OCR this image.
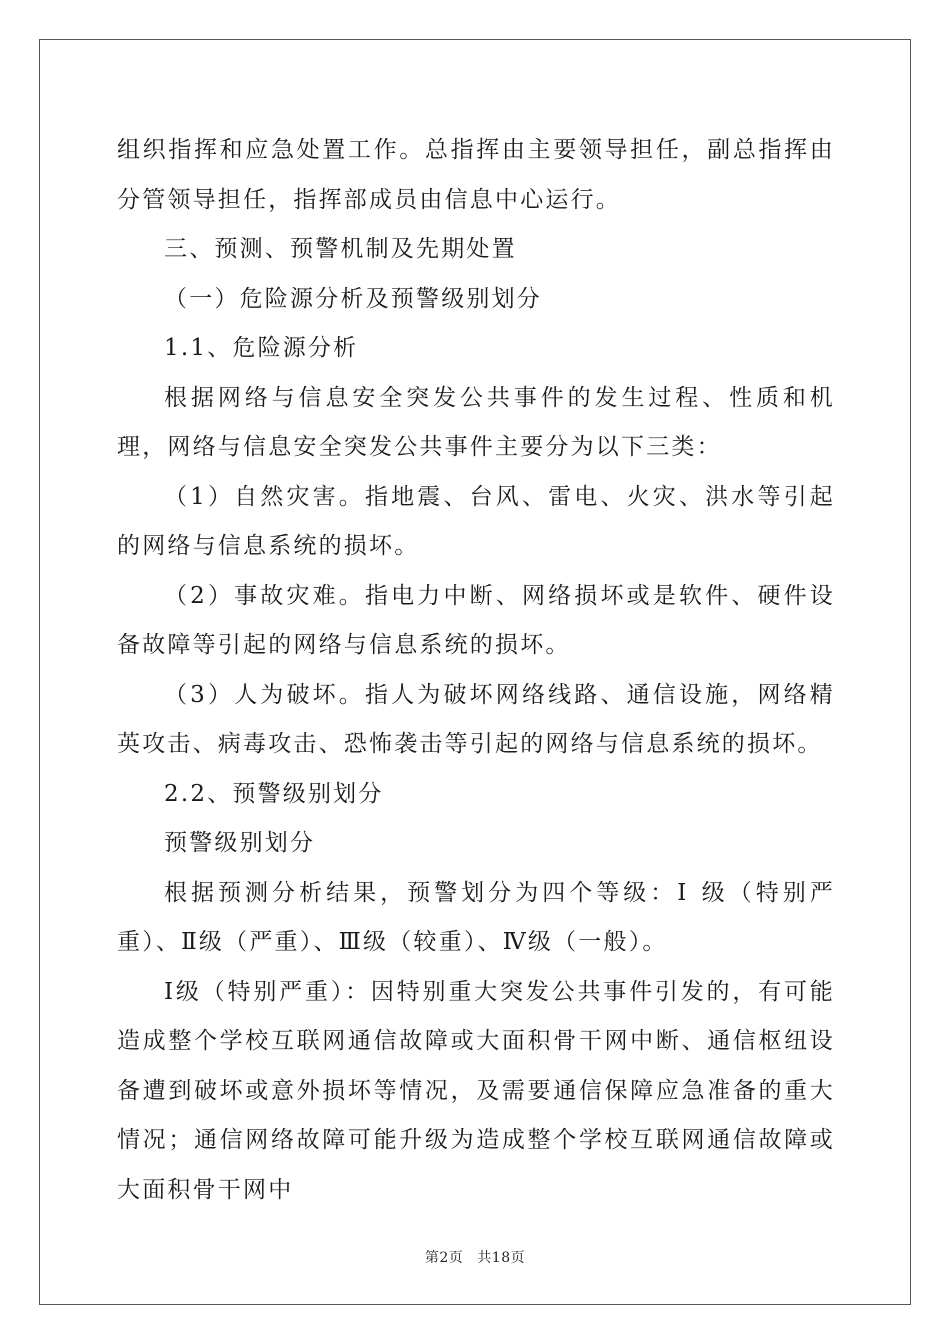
组织指挥和应急处置工作。总指挥由主要领导担任，副总指挥由分管领导担任，指挥部成员由信息中心运行。

三、预测、预警机制及先期处置

（一）危险源分析及预警级别划分

1.1、危险源分析

根据网络与信息安全突发公共事件的发生过程、性质和机理，网络与信息安全突发公共事件主要分为以下三类：

（1）自然灾害。指地震、台风、雷电、火灾、洪水等引起的网络与信息系统的损坏。

（2）事故灾难。指电力中断、网络损坏或是软件、硬件设备故障等引起的网络与信息系统的损坏。

（3）人为破坏。指人为破坏网络线路、通信设施，网络精英攻击、病毒攻击、恐怖袭击等引起的网络与信息系统的损坏。

2.2、预警级别划分

预警级别划分

根据预测分析结果，预警划分为四个等级：Ⅰ 级（特别严重）、Ⅱ级（严重）、Ⅲ级（较重）、Ⅳ级（一般）。

Ⅰ级（特别严重）：因特别重大突发公共事件引发的，有可能造成整个学校互联网通信故障或大面积骨干网中断、通信枢纽设备遭到破坏或意外损坏等情况，及需要通信保障应急准备的重大情况；通信网络故障可能升级为造成整个学校互联网通信故障或大面积骨干网中

第2页 共18页
